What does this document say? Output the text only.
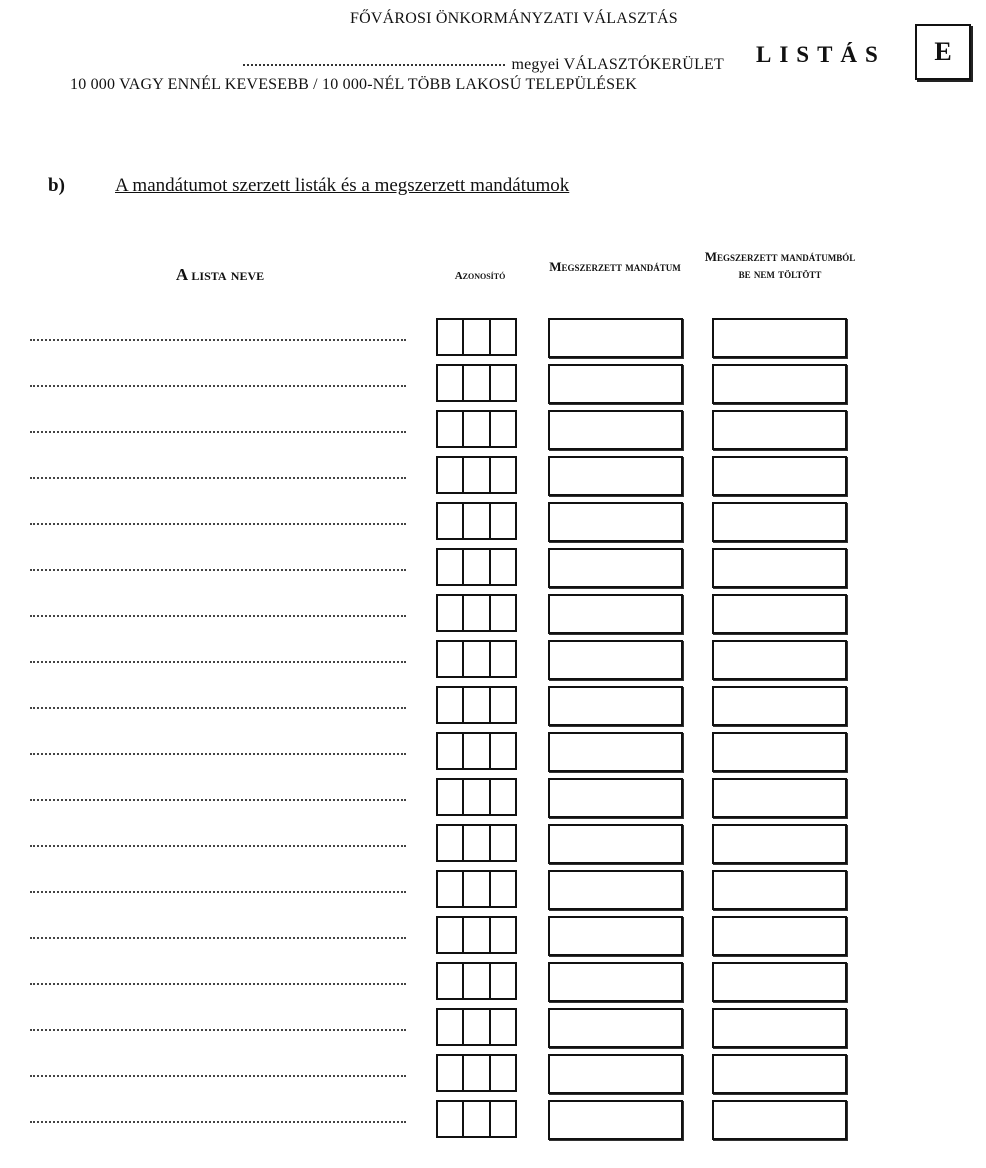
FŐVÁROSI ÖNKORMÁNYZATI VÁLASZTÁS
megyei VÁLASZTÓKERÜLET
10 000 VAGY ENNÉL KEVESEBB / 10 000-NÉL TÖBB LAKOSÚ TELEPÜLÉSEK
LISTÁS E
b)	A mandátumot szerzett listák és a megszerzett mandátumok
A lista neve	Azonosító
Megszerzett mandátum
Megszerzett mandátumból be nem töltött
